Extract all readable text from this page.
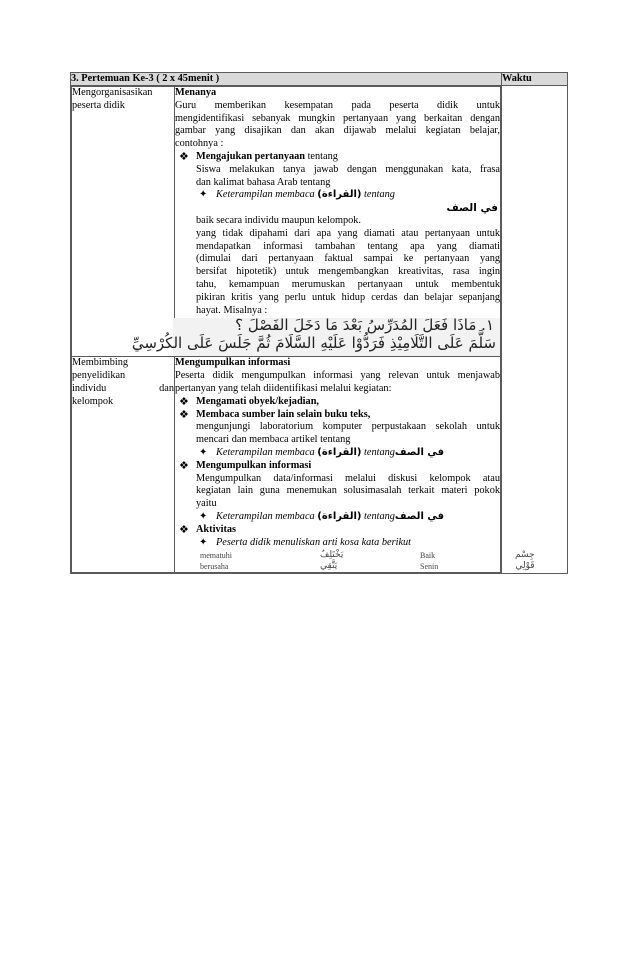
3. Pertemuan Ke-3 ( 2 x 45menit )	Waktu

Mengorganisasikan
peserta didik

Menanya
Guru memberikan kesempatan pada peserta didik untuk
mengidentifikasi sebanyak mungkin pertanyaan yang berkaitan dengan
gambar yang disajikan dan akan dijawab melalui kegiatan belajar,
contohnya :
❖ Mengajukan pertanyaan tentang
Siswa melakukan tanya jawab dengan menggunakan kata, frasa
dan kalimat bahasa Arab tentang
✦ Keterampilan membaca (القراءة) tentang
في الصف
baik secara individu maupun kelompok.
yang tidak dipahami dari apa yang diamati atau pertanyaan untuk
mendapatkan informasi tambahan tentang apa yang diamati
(dimulai dari pertanyaan faktual sampai ke pertanyaan yang
bersifat hipotetik) untuk mengembangkan kreativitas, rasa ingin
tahu, kemampuan merumuskan pertanyaan untuk membentuk
pikiran kritis yang perlu untuk hidup cerdas dan belajar sepanjang
hayat. Misalnya :
١. مَاذَا فَعَلَ المُدَرِّسُ بَعْدَ مَا دَخَلَ الفَصْلَ ؟
سَلَّمَ عَلَى التَّلَامِيْذِ فَرَدُّوْا عَلَيْهِ السَّلَامَ ثُمَّ جَلَسَ عَلَى الكُرْسِيِّ

Membimbing
penyelidikan
individu	dan
kelompok

Mengumpulkan informasi
Peserta didik mengumpulkan informasi yang relevan untuk menjawab
pertanyan yang telah diidentifikasi melalui kegiatan:
❖ Mengamati obyek/kejadian,
❖ Membaca sumber lain selain buku teks,
mengunjungi laboratorium komputer perpustakaan sekolah untuk
mencari dan membaca artikel tentang
✦ Keterampilan membaca (القراءة) tentangفي الصف
❖ Mengumpulkan informasi
Mengumpulkan data/informasi melalui diskusi kelompok atau
kegiatan lain guna menemukan solusimasalah terkait materi pokok
yaitu
✦ Keterampilan membaca (القراءة) tentangفي الصف
❖ Aktivitas
✦ Peserta didik menuliskan arti kosa kata berikut
mematuhi	يَخْتَلِفُ	Baik	جِسْم
berusaha	يَتَّقِي	Senin	قَوْلِي
